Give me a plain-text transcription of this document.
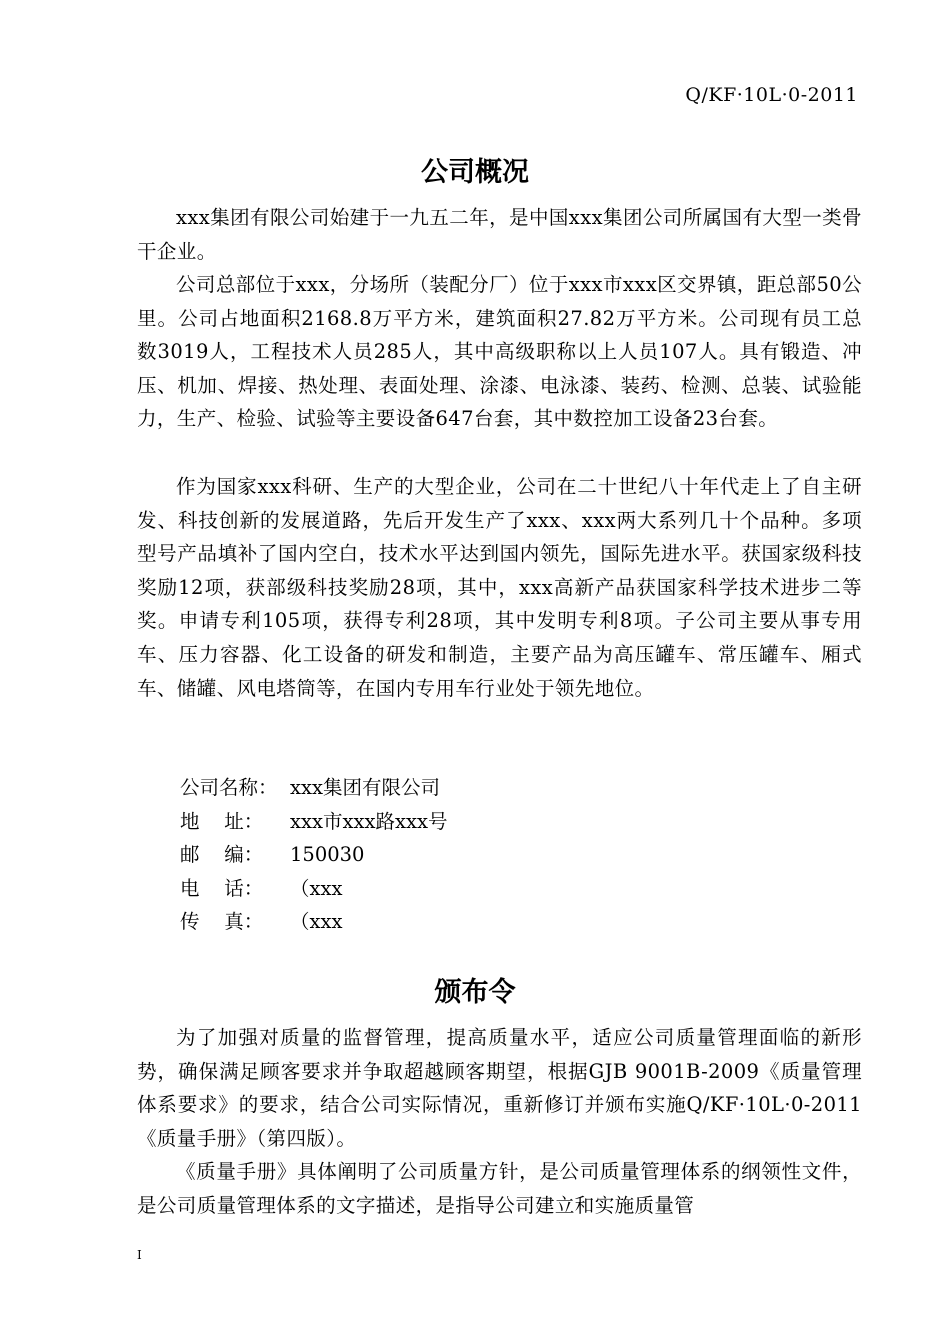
Q/KF·10L·0-2011
公司概况

xxx集团有限公司始建于一九五二年，是中国xxx集团公司所属国有大型一类骨干企业。

公司总部位于xxx，分场所（装配分厂）位于xxx市xxx区交界镇，距总部50公里。公司占地面积2168.8万平方米，建筑面积27.82万平方米。公司现有员工总数3019人，工程技术人员285人，其中高级职称以上人员107人。具有锻造、冲压、机加、焊接、热处理、表面处理、涂漆、电泳漆、装药、检测、总装、试验能力，生产、检验、试验等主要设备647台套，其中数控加工设备23台套。

作为国家xxx科研、生产的大型企业，公司在二十世纪八十年代走上了自主研发、科技创新的发展道路，先后开发生产了xxx、xxx两大系列几十个品种。多项型号产品填补了国内空白，技术水平达到国内领先，国际先进水平。获国家级科技奖励12项，获部级科技奖励28项，其中，xxx高新产品获国家科学技术进步二等奖。申请专利105项，获得专利28项，其中发明专利8项。子公司主要从事专用车、压力容器、化工设备的研发和制造，主要产品为高压罐车、常压罐车、厢式车、储罐、风电塔筒等，在国内专用车行业处于领先地位。

公司名称： xxx集团有限公司
地    址： xxx市xxx路xxx号
邮    编： 150030
电    话： （xxx
传    真： （xxx
颁布令

为了加强对质量的监督管理，提高质量水平，适应公司质量管理面临的新形势，确保满足顾客要求并争取超越顾客期望，根据GJB 9001B-2009《质量管理体系要求》的要求，结合公司实际情况，重新修订并颁布实施Q/KF·10L·0-2011《质量手册》（第四版）。

《质量手册》具体阐明了公司质量方针，是公司质量管理体系的纲领性文件，是公司质量管理体系的文字描述，是指导公司建立和实施质量管

I
